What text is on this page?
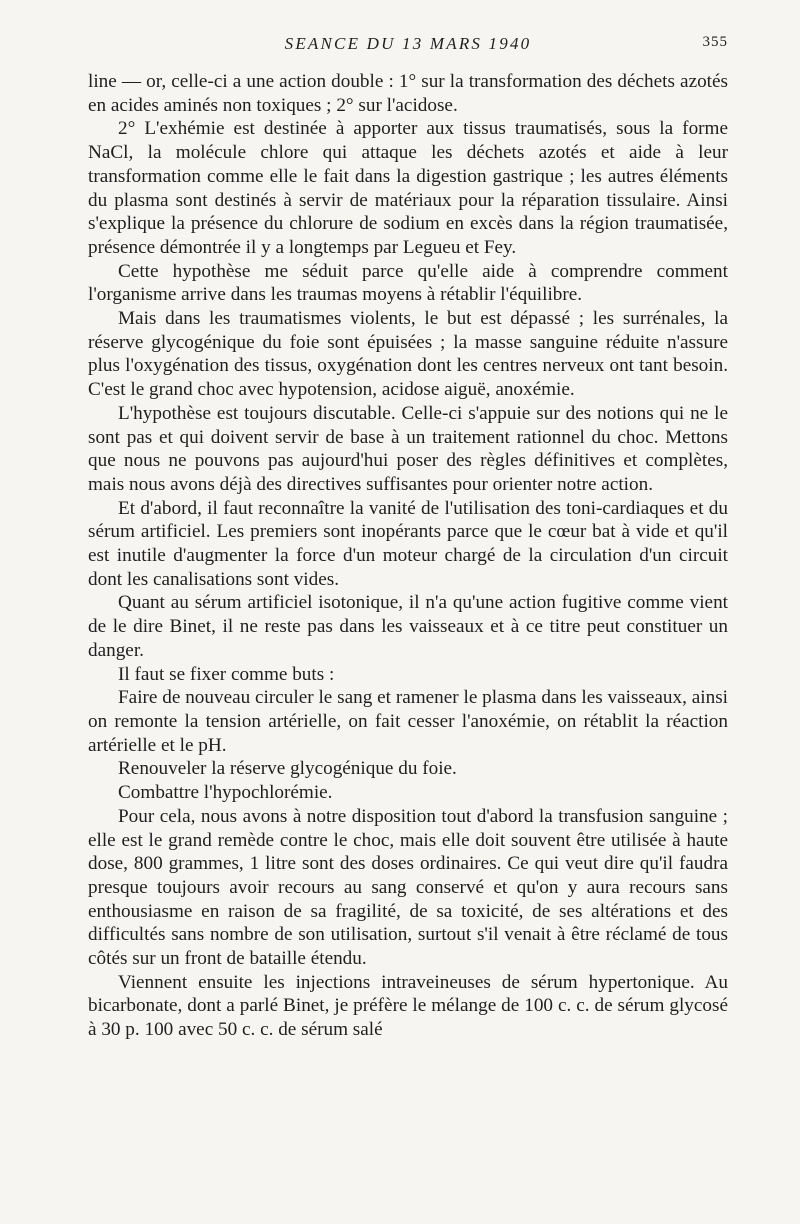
SEANCE DU 13 MARS 1940	355

line — or, celle-ci a une action double : 1° sur la transformation des déchets azotés en acides aminés non toxiques ; 2° sur l'acidose.

2° L'exhémie est destinée à apporter aux tissus traumatisés, sous la forme NaCl, la molécule chlore qui attaque les déchets azotés et aide à leur transformation comme elle le fait dans la digestion gastrique ; les autres éléments du plasma sont destinés à servir de matériaux pour la réparation tissulaire. Ainsi s'explique la présence du chlorure de sodium en excès dans la région traumatisée, présence démontrée il y a longtemps par Legueu et Fey.

Cette hypothèse me séduit parce qu'elle aide à comprendre comment l'organisme arrive dans les traumas moyens à rétablir l'équilibre.

Mais dans les traumatismes violents, le but est dépassé ; les surrénales, la réserve glycogénique du foie sont épuisées ; la masse sanguine réduite n'assure plus l'oxygénation des tissus, oxygénation dont les centres nerveux ont tant besoin. C'est le grand choc avec hypotension, acidose aiguë, anoxémie.

L'hypothèse est toujours discutable. Celle-ci s'appuie sur des notions qui ne le sont pas et qui doivent servir de base à un traitement rationnel du choc. Mettons que nous ne pouvons pas aujourd'hui poser des règles définitives et complètes, mais nous avons déjà des directives suffisantes pour orienter notre action.

Et d'abord, il faut reconnaître la vanité de l'utilisation des toni-cardiaques et du sérum artificiel. Les premiers sont inopérants parce que le cœur bat à vide et qu'il est inutile d'augmenter la force d'un moteur chargé de la circulation d'un circuit dont les canalisations sont vides.

Quant au sérum artificiel isotonique, il n'a qu'une action fugitive comme vient de le dire Binet, il ne reste pas dans les vaisseaux et à ce titre peut constituer un danger.

Il faut se fixer comme buts :

Faire de nouveau circuler le sang et ramener le plasma dans les vaisseaux, ainsi on remonte la tension artérielle, on fait cesser l'anoxémie, on rétablit la réaction artérielle et le pH.

Renouveler la réserve glycogénique du foie.

Combattre l'hypochlorémie.

Pour cela, nous avons à notre disposition tout d'abord la transfusion sanguine ; elle est le grand remède contre le choc, mais elle doit souvent être utilisée à haute dose, 800 grammes, 1 litre sont des doses ordinaires. Ce qui veut dire qu'il faudra presque toujours avoir recours au sang conservé et qu'on y aura recours sans enthousiasme en raison de sa fragilité, de sa toxicité, de ses altérations et des difficultés sans nombre de son utilisation, surtout s'il venait à être réclamé de tous côtés sur un front de bataille étendu.

Viennent ensuite les injections intraveineuses de sérum hypertonique. Au bicarbonate, dont a parlé Binet, je préfère le mélange de 100 c. c. de sérum glycosé à 30 p. 100 avec 50 c. c. de sérum salé
